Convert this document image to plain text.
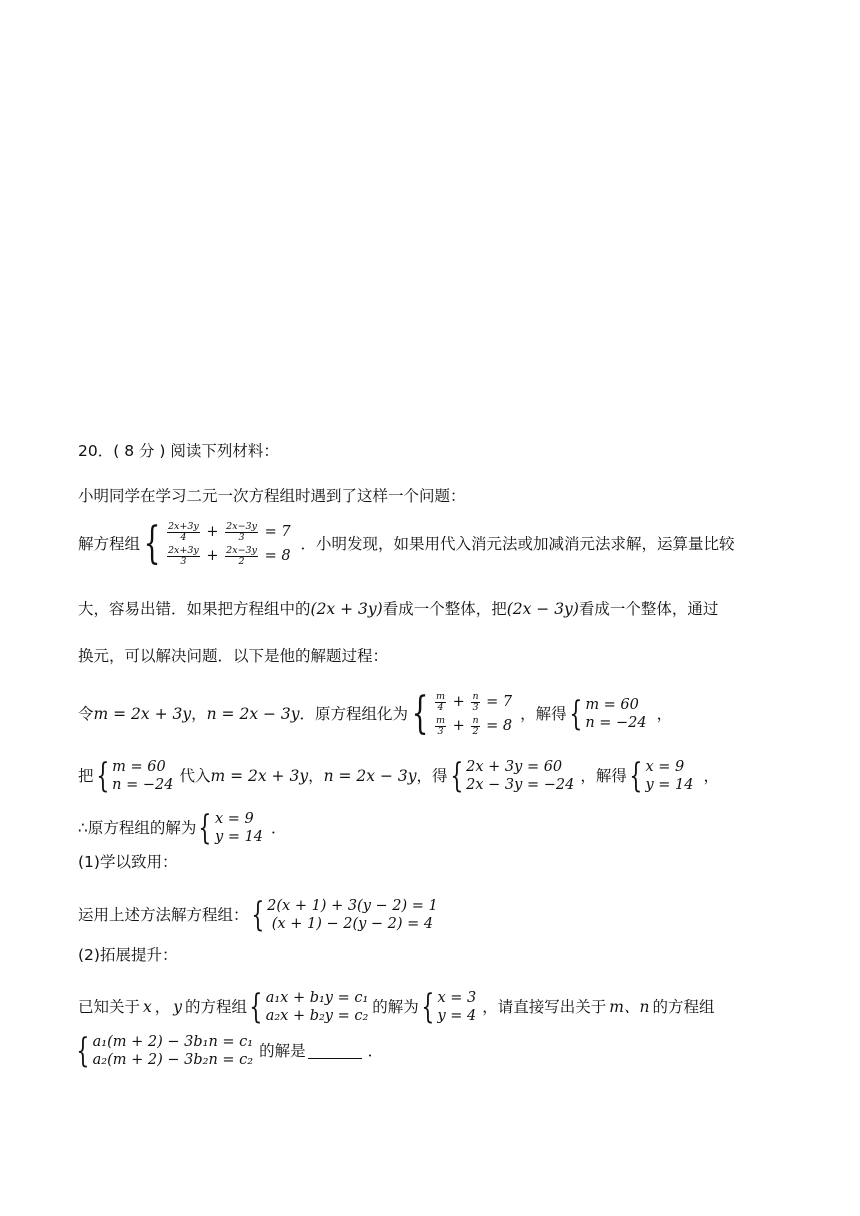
20．( 8 分 ) 阅读下列材料：
小明同学在学习二元一次方程组时遇到了这样一个问题：
解方程组 { $\frac{2x+3y}{4} + \frac{2x-3y}{3}$
= 7
$\frac{2x+3y}{3} + \frac{2x-3y}{2}$
= 8
．小明发现，如果用代入消元法或加减消元法求解，运算量比较
大，容易出错．如果把方程组中的 (2x + 3y) 看成一个整体，把 (2x − 3y) 看成一个整体，通过
换元，可以解决问题．以下是他的解题过程：
令 m = 2x + 3y ， n = 2x − 3y ．原方程组化为 { $\frac{m}{4} + \frac{n}{3}$
= 7
$\frac{m}{3} + \frac{n}{2}$
= 8
，解得 { m = 60
n = −24 ，
把 { m = 60
n = −24 代入 m = 2x + 3y ， n = 2x − 3y ，得 { 2x + 3y = 60
2x − 3y = −24 ，解得 { x = 9
y = 14 ，
∴原方程组的解为 { x = 9
y = 14 ．
(1)学以致用：
运用上述方法解方程组： { 2(x + 1) + 3(y − 2) = 1
(x + 1) − 2(y − 2) = 4
(2)拓展提升：
已知关于 x ， y 的方程组 { a₁x + b₁y = c₁
a₂x + b₂y = c₂ 的解为 { x = 3
y = 4 ，请直接写出关于 m、n 的方程组
{ a₁(m + 2) − 3b₁n = c₁
a₂(m + 2) − 3b₂n = c₂ 的解是	．
